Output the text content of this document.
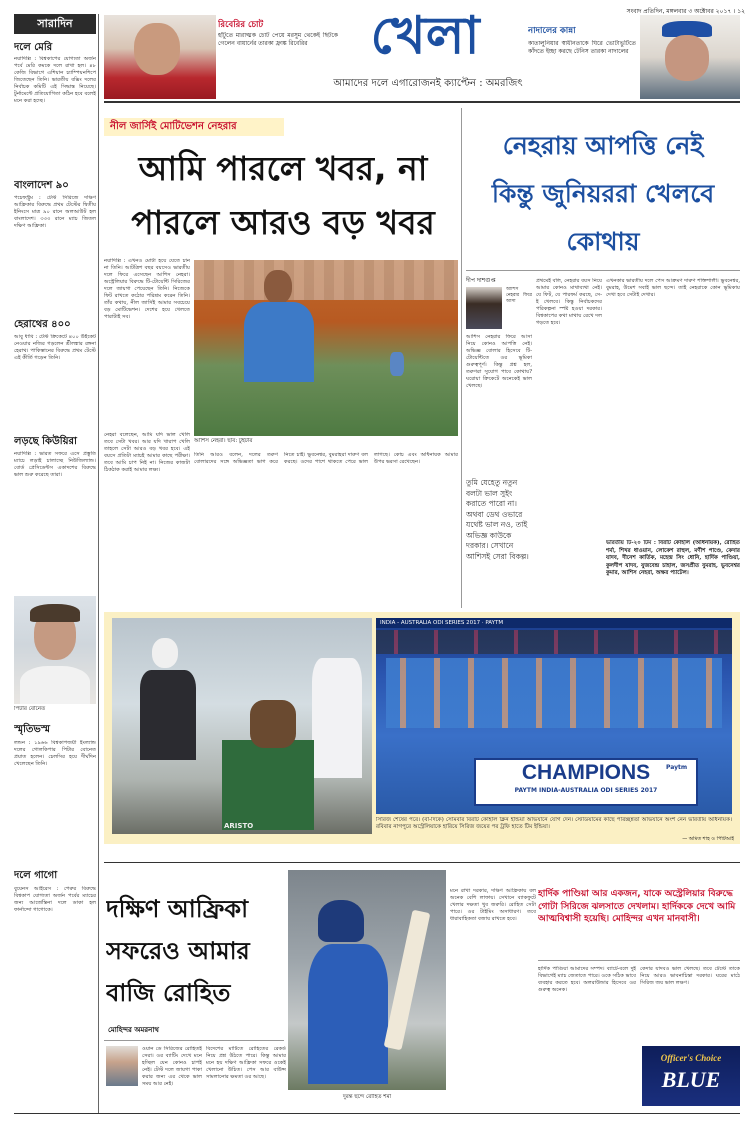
সংবাদ প্রতিদিন, মঙ্গলবার ৩ অক্টোবর ২০১৭ । ১২
সারাদিন	রিবেরির চোট
হাঁটুতে মারাত্মক চোট পেয়ে মরসুম থেকেই ছিটকে গেলেন বায়ার্নের তারকা ফ্রাঙ্ক রিবেরির	খেলা	নাদালের কান্না
কাতালুনিয়ার স্বাধীনতাকে ঘিরে ভোটাভুটিতে কাঁদতে ইচ্ছা করছে টেনিস তারকা নাদালের
আমাদের দলে এগারোজনই ক্যাপ্টেন : অমরজিৎ
দলে মেরি
নয়াদিল্লি : বিশ্বকাপের যোগ্যতা অর্জন পর্বে মেরি কমকে দলে রাখা হল। ৪৮ কেজি বিভাগে এশিয়ান চ্যাম্পিয়নশিপে জিতেছেন তিনি। ভারতীয় বক্সিং দলের নির্বাচক কমিটি এই সিদ্ধান্ত নিয়েছে। টুর্নামেন্টে প্রতিযোগিতা কঠিন হবে বলেই মনে করা হচ্ছে।
বাংলাদেশ ৯০
পচেফস্ট্রুম : টেস্ট সিরিজে দক্ষিণ আফ্রিকার বিরুদ্ধে প্রথম টেস্টের দ্বিতীয় ইনিংসে মাত্র ৯০ রানে অলআউট হল বাংলাদেশ। ৩৩৩ রানে ম্যাচ জিতল দক্ষিণ আফ্রিকা।
হেরাথের ৪০০
আবু ধাবি : টেস্ট ক্রিকেটে ৪০০ উইকেট নেওয়ার নজির গড়লেন শ্রীলঙ্কার রঙ্গনা হেরাথ। পাকিস্তানের বিরুদ্ধে প্রথম টেস্টে এই কীর্তি গড়েন তিনি।
লড়ছে কিউয়িরা
নয়াদিল্লি : ভারত সফরে এসে প্রস্তুতি ম্যাচে লড়াই চালাচ্ছে নিউজিল্যান্ড। বোর্ড প্রেসিডেন্টস একাদশের বিরুদ্ধে ভাল শুরু করেছে তারা।
পিটার বোনেত
স্মৃতিভস্ম
লন্ডন : ১৯৬৬ বিশ্বকাপজয়ী ইংল্যান্ড দলের গোলকিপার পিটার বোনেত প্রয়াত হলেন। চেলসির হয়ে দীর্ঘদিন খেলেছেন তিনি।
দলে গাগো
বুয়েনস আইরেস : পেরুর বিরুদ্ধে বিশ্বকাপ যোগ্যতা অর্জন পর্বের ম্যাচের জন্য আর্জেন্তিনা দলে ডাকা হল ফার্নান্দো গাগোকে।
নীল জার্সিই মোটিভেশন নেহরার
আমি পারলে খবর, না পারলে আরও বড় খবর
নয়াদিল্লি : এখনও মোটা হয়ে যেতে চান না তিনি। আটত্রিশ বছর বয়সেও ভারতীয় দলে ফিরে এসেছেন আশিস নেহরা। অস্ট্রেলিয়ার বিরুদ্ধে টি-টোয়েন্টি সিরিজের দলে জায়গা পেয়েছেন তিনি। নিজেকে ফিট রাখতে কঠোর পরিশ্রম করেন তিনি। তাঁর কথায়, নীল জার্সিই আমার সবচেয়ে বড় মোটিভেশন। দেশের হয়ে খেলতে পারাটাই সব।
আশিস নেহরা। ছবি: টুইটার
নেহরা বলেছেন, আমি যদি ভাল খেলি তবে সেটা খবর। আর যদি খারাপ খেলি তাহলে সেটা আরও বড় খবর হবে। এই বয়সে প্রতিটা ম্যাচই আমার কাছে পরীক্ষা। তবে আমি চাপ নিই না। নিজের কাজটা ঠিকঠাক করাই আমার লক্ষ্য।
তিনি আরও বলেন, দলের তরুণ বোলারদের সঙ্গে অভিজ্ঞতা ভাগ করে নিতে চাই। ভুবনেশ্বর, বুমরাহরা দারুণ বল করছে। ওদের পাশে থাকতে পেরে ভাল লাগছে। কোচ এবং অধিনায়ক আমার উপর ভরসা রেখেছেন।
নেহরায় আপত্তি নেই
কিন্তু জুনিয়ররা খেলবে কোথায়
দীপ দাশগুপ্ত
আশিস নেহরার ফিরে আসা নিয়ে কোনও আপত্তি নেই। অভিজ্ঞ বোলার হিসেবে টি-টোয়েন্টিতে ওর ভূমিকা গুরুত্বপূর্ণ। কিন্তু প্রশ্ন হল, তরুণরা সুযোগ পাবে কোথায়? ঘরোয়া ক্রিকেটে অনেকেই ভাল খেলছে।
আশিস নেহরার ফিরে আসা
প্রথমেই বলি, নেহরার বয়স নিয়ে আমার কোনও মাথাব্যথা নেই। যে ফিট, যে পারফর্ম করছে, সে-ই খেলবে। কিন্তু নির্বাচকদের পরিকল্পনা স্পষ্ট হওয়া দরকার। বিশ্বকাপের কথা মাথায় রেখে দল গড়তে হবে।
এখনকার ভারতীয় দলে পেস আক্রমণ দারুণ শক্তিশালী। ভুবনেশ্বর, বুমরাহ, উমেশ সবাই ভাল ছন্দে। তাই নেহরাকে কোন ভূমিকায় দেখা হবে সেটাই দেখার।
তুমি যেহেতু নতুন বলটা ভাল সুইং করাতে পারো না। অথবা ডেথ ওভারে যথেষ্ট ভাল নও, তাই অভিজ্ঞ কাউকে দরকার। সেখানে আশিসই সেরা বিকল্প।
ভারতীয় টি-২০ টিম : বিরাট কোহলি (অধিনায়ক), রোহিত শর্মা, শিখর ধাওয়ান, লোকেশ রাহুল, মণীশ পাণ্ডে, কেদার যাদব, দীনেশ কার্তিক, মহেন্দ্র সিং ধোনি, হার্দিক পাণ্ডিয়া, কুলদীপ যাদব, যুজবেন্দ্র চাহাল, জসপ্রীত বুমরাহ, ভুবনেশ্বর কুমার, আশিস নেহরা, অক্ষর প্যাটেল।
ARISTO
INDIA - AUSTRALIA ODI SERIES 2017 · PAYTM
CHAMPIONS
PAYTM INDIA-AUSTRALIA ODI SERIES 2017
Paytm
সিরিজ শেষের পরে। (বাঁ-দিকে) সোমবার বিরাট কোহলি ক্লিন ইন্ডিয়া অভিযানে যোগ দেন। স্টেডিয়ামের কাছে পরিচ্ছন্নতা অভিযানে অংশ নেন ভারতীয় অধিনায়ক। রবিবার নাগপুরে অস্ট্রেলিয়াকে হারিয়ে সিরিজ জয়ের পর ট্রফি হাতে টিম ইন্ডিয়া।
— অমিত শাহ ও পিটিআই
দক্ষিণ আফ্রিকা সফরেও আমার বাজি রোহিত
মোহিন্দর অমরনাথ
ওয়ান ডে সিরিজের রোহিতই সেরা। ওর ব্যাটিং দেখে মনে হচ্ছিল যেন কোনও চাপই নেই। টেস্ট দলে জায়গা পাকা করার জন্য এর থেকে ভাল সময় আর নেই।
বিদেশের মাটিতে রোহিতের রেকর্ড নিয়ে প্রশ্ন উঠতে পারে। কিন্তু আমার মনে হয় দক্ষিণ আফ্রিকা সফরে ওকেই খেলানো উচিত। পেস আর বাউন্স সামলানোর ক্ষমতা ওর আছে।
দুরন্ত ছন্দে রোহিত শর্মা
মনে রাখা দরকার, দক্ষিণ আফ্রিকায় বল অনেক বেশি লাফায়। সেখানে ব্যাকফুটে খেলার দক্ষতা খুব জরুরি। রোহিত সেটা পারে। ওর টাইমিং অসাধারণ। তবে ধারাবাহিকতা বজায় রাখতে হবে।
হার্দিক পাণ্ডিয়া আর একজন, যাকে অস্ট্রেলিয়ার বিরুদ্ধে গোটা সিরিজে ঝলসাতে দেখলাম। হার্দিককে দেখে আমি আত্মবিশ্বাসী হয়েছি। মোহিন্দর এখন মানবাসী।
হার্দিক পাণ্ডিয়া আমাদের সম্পদ। ব্যাটে-বলে দুই বিভাগেই ম্যাচ জেতাতে পারে। ওকে সঠিক ভাবে ব্যবহার করতে হবে। অলরাউন্ডার হিসেবে ওর গুরুত্ব অনেক।
কেদার যাদবও ভাল খেলছে। তবে টেস্টে তাকে নিয়ে আরও ভাবনাচিন্তা দরকার। ঘরের মাঠে সিরিজ জয় ভাল লক্ষণ।
Officer's Choice
BLUE
